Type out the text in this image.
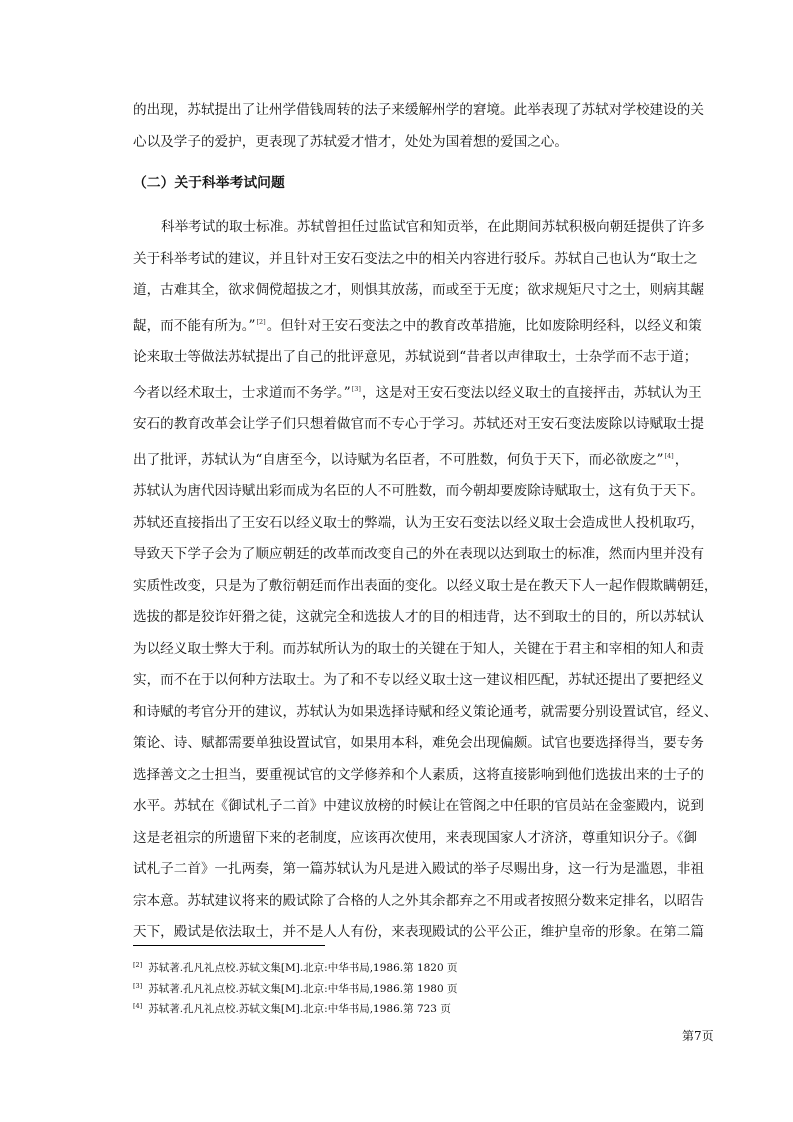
的出现，苏轼提出了让州学借钱周转的法子来缓解州学的窘境。此举表现了苏轼对学校建设的关
心以及学子的爱护，更表现了苏轼爱才惜才，处处为国着想的爱国之心。
（二）关于科举考试问题
科举考试的取士标准。苏轼曾担任过监试官和知贡举，在此期间苏轼积极向朝廷提供了许多
关于科举考试的建议，并且针对王安石变法之中的相关内容进行驳斥。苏轼自己也认为“取士之
道，古难其全，欲求倜傥超拔之才，则惧其放荡，而或至于无度；欲求规矩尺寸之士，则病其龌
龊，而不能有所为。”[2]。但针对王安石变法之中的教育改革措施，比如废除明经科，以经义和策
论来取士等做法苏轼提出了自己的批评意见，苏轼说到“昔者以声律取士，士杂学而不志于道；
今者以经术取士，士求道而不务学。”[3]，这是对王安石变法以经义取士的直接抨击，苏轼认为王
安石的教育改革会让学子们只想着做官而不专心于学习。苏轼还对王安石变法废除以诗赋取士提
出了批评，苏轼认为“自唐至今，以诗赋为名臣者，不可胜数，何负于天下，而必欲废之”[4]，
苏轼认为唐代因诗赋出彩而成为名臣的人不可胜数，而今朝却要废除诗赋取士，这有负于天下。
苏轼还直接指出了王安石以经义取士的弊端，认为王安石变法以经义取士会造成世人投机取巧，
导致天下学子会为了顺应朝廷的改革而改变自己的外在表现以达到取士的标准，然而内里并没有
实质性改变，只是为了敷衍朝廷而作出表面的变化。以经义取士是在教天下人一起作假欺瞒朝廷，
选拔的都是狡诈奸猾之徒，这就完全和选拔人才的目的相违背，达不到取士的目的，所以苏轼认
为以经义取士弊大于利。而苏轼所认为的取士的关键在于知人，关键在于君主和宰相的知人和责
实，而不在于以何种方法取士。为了和不专以经义取士这一建议相匹配，苏轼还提出了要把经义
和诗赋的考官分开的建议，苏轼认为如果选择诗赋和经义策论通考，就需要分别设置试官，经义、
策论、诗、赋都需要单独设置试官，如果用本科，难免会出现偏颇。试官也要选择得当，要专务
选择善文之士担当，要重视试官的文学修养和个人素质，这将直接影响到他们选拔出来的士子的
水平。苏轼在《御试札子二首》中建议放榜的时候让在管阁之中任职的官员站在金銮殿内，说到
这是老祖宗的所遗留下来的老制度，应该再次使用，来表现国家人才济济，尊重知识分子。《御
试札子二首》一扎两奏，第一篇苏轼认为凡是进入殿试的举子尽赐出身，这一行为是滥恩，非祖
宗本意。苏轼建议将来的殿试除了合格的人之外其余都弃之不用或者按照分数来定排名，以昭告
天下，殿试是依法取士，并不是人人有份，来表现殿试的公平公正，维护皇帝的形象。在第二篇
[2] 苏轼著.孔凡礼点校.苏轼文集[M].北京:中华书局,1986.第 1820 页
[3] 苏轼著.孔凡礼点校.苏轼文集[M].北京:中华书局,1986.第 1980 页
[4] 苏轼著.孔凡礼点校.苏轼文集[M].北京:中华书局,1986.第 723 页
第7页
